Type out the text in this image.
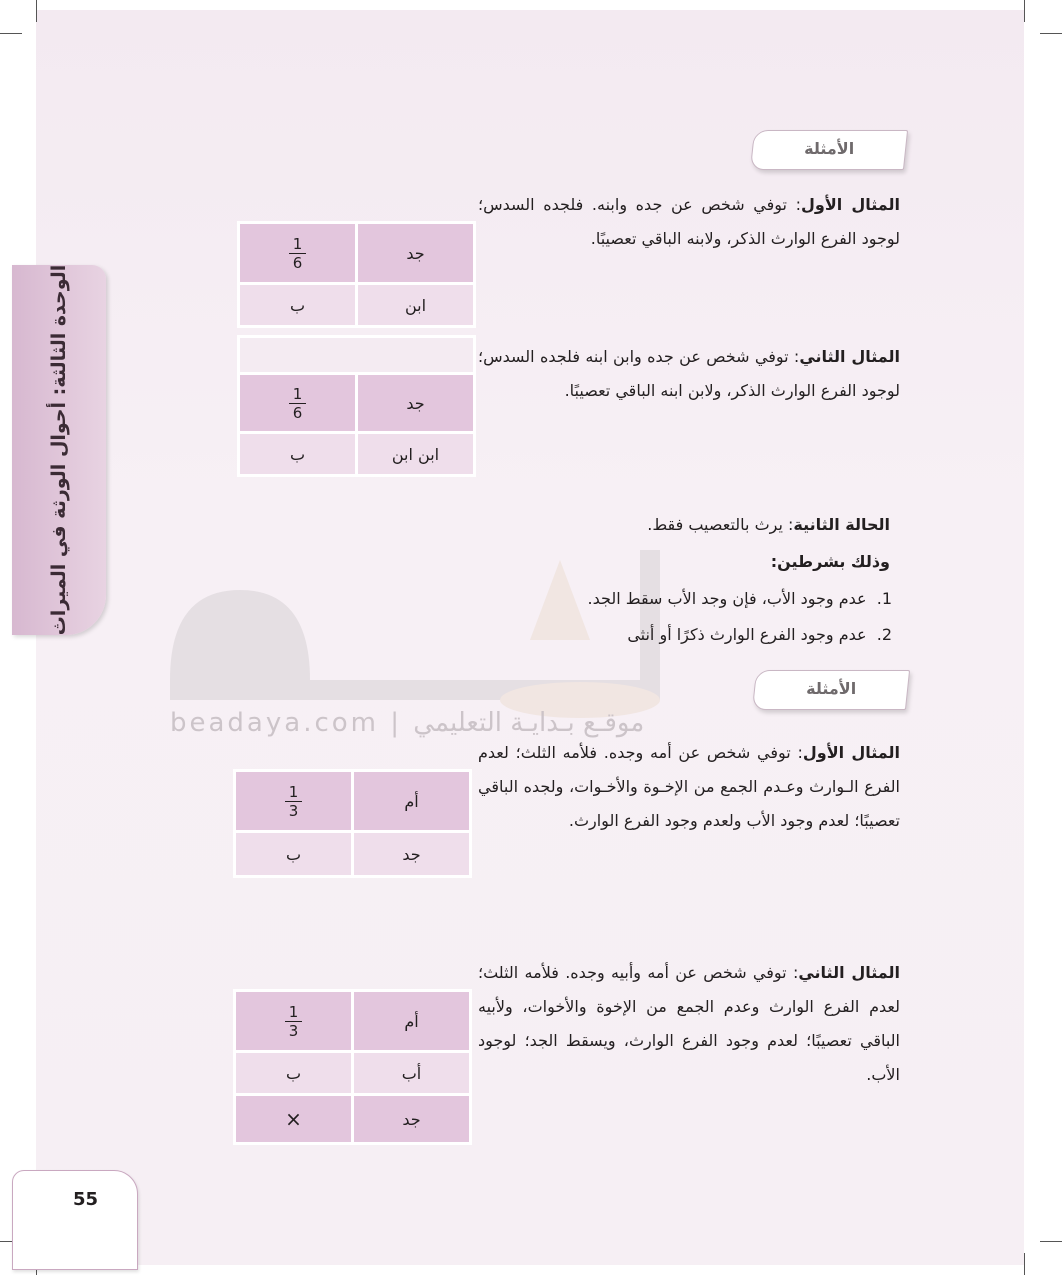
beadaya.com | موقـع بـدايـة التعليمي
الوحدة الثالثة: أحوال الورثة في الميراث
الأمثلة
المثال الأول: توفي شخص عن جده وابنه. فلجده السدس؛ لوجود الفرع الوارث الذكر، ولابنه الباقي تعصيبًا.
$\frac{1}{6}$	جد
ب	ابن
المثال الثاني: توفي شخص عن جده وابن ابنه فلجده السدس؛ لوجود الفرع الوارث الذكر، ولابن ابنه الباقي تعصيبًا.

$\frac{1}{6}$	جد
ب	ابن ابن
الحالة الثانية: يرث بالتعصيب فقط.
وذلك بشرطين:
1.  عدم وجود الأب، فإن وجد الأب سقط الجد.
2.  عدم وجود الفرع الوارث ذكرًا أو أنثى
الأمثلة
المثال الأول: توفي شخص عن أمه وجده. فلأمه الثلث؛ لعدم الفرع الـوارث وعـدم الجمع من الإخـوة والأخـوات، ولجده الباقي تعصيبًا؛ لعدم وجود الأب ولعدم وجود الفرع الوارث.
$\frac{1}{3}$	أم
ب	جد
المثال الثاني: توفي شخص عن أمه وأبيه وجده. فلأمه الثلث؛ لعدم الفرع الوارث وعدم الجمع من الإخوة والأخوات، ولأبيه الباقي تعصيبًا؛ لعدم وجود الفرع الوارث، ويسقط الجد؛ لوجود الأب.
$\frac{1}{3}$	أم
ب	أب
×	جد
55
